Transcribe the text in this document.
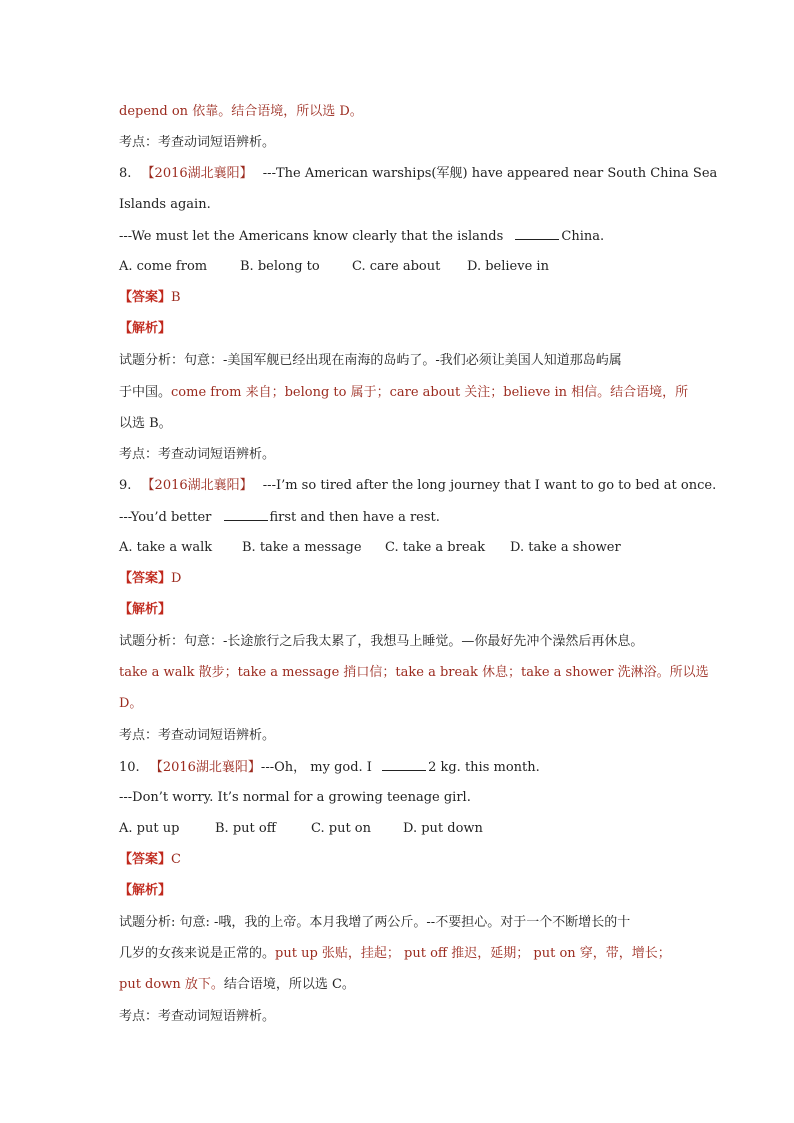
depend on 依靠。结合语境，所以选 D。
考点：考查动词短语辨析。
8. 【2016湖北襄阳】 ---The American warships(军舰) have appeared near South China Sea
Islands again.
---We must let the Americans know clearly that the islands	China.
A. come from	B. belong to C. care about D. believe in
【答案】B
【解析】
试题分析：句意：-美国军舰已经出现在南海的岛屿了。-我们必须让美国人知道那岛屿属
于中国。come from 来自；belong to 属于；care about 关注；believe in 相信。结合语境，所
以选 B。
考点：考查动词短语辨析。
9. 【2016湖北襄阳】 ---I’m so tired after the long journey that I want to go to bed at once.
---You’d better	first and then have a rest.
A. take a walk B. take a message C. take a break D. take a shower
【答案】D
【解析】
试题分析：句意：-长途旅行之后我太累了，我想马上睡觉。—你最好先冲个澡然后再休息。
take a walk 散步；take a message 捎口信；take a break 休息；take a shower 洗淋浴。所以选
D。
考点：考查动词短语辨析。
10. 【2016湖北襄阳】---Oh， my god. I	2 kg. this month.
---Don’t worry. It’s normal for a growing teenage girl.
A. put up	B. put off	C. put on D. put down
【答案】C
【解析】
试题分析: 句意: -哦，我的上帝。本月我增了两公斤。--不要担心。对于一个不断增长的十
几岁的女孩来说是正常的。put up 张贴，挂起； put off 推迟，延期； put on 穿，带，增长；
put down 放下。结合语境，所以选 C。
考点：考查动词短语辨析。
